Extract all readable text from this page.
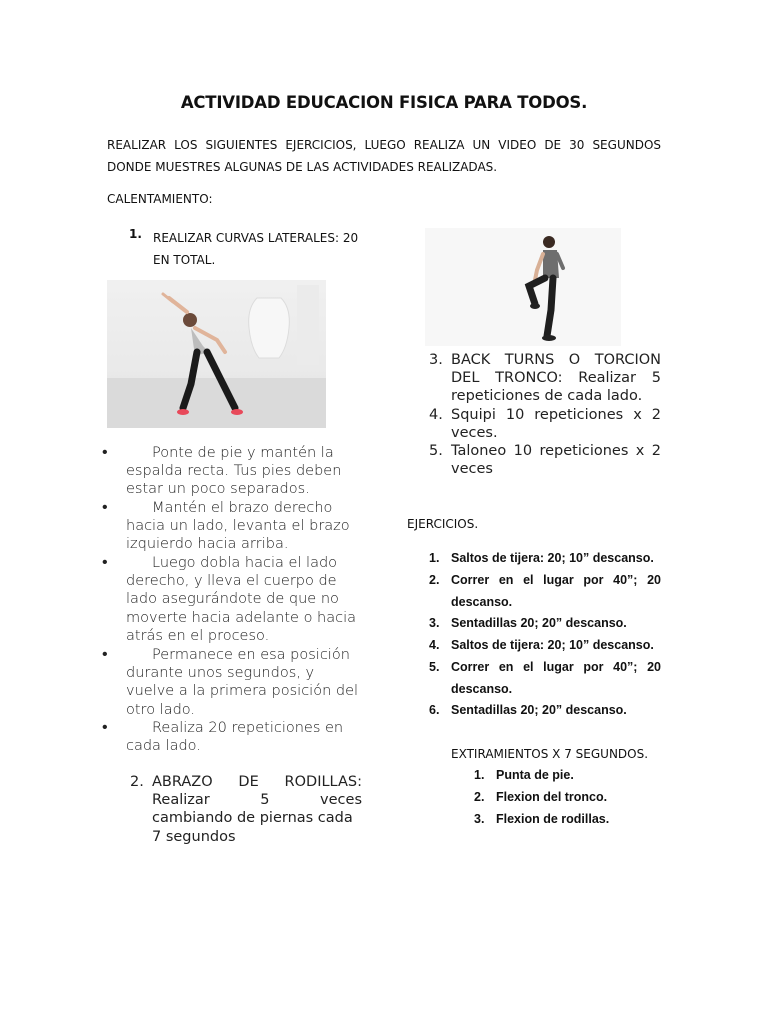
ACTIVIDAD EDUCACION FISICA PARA TODOS.
REALIZAR LOS SIGUIENTES EJERCICIOS, LUEGO REALIZA UN VIDEO DE 30 SEGUNDOS DONDE MUESTRES ALGUNAS DE LAS ACTIVIDADES REALIZADAS.
CALENTAMIENTO:
1. REALIZAR CURVAS LATERALES: 20
EN TOTAL.
•	Ponte de pie y mantén la espalda recta. Tus pies deben estar un poco separados.
•	Mantén el brazo derecho hacia un lado, levanta el brazo izquierdo hacia arriba.
•	Luego dobla hacia el lado derecho, y lleva el cuerpo de lado asegurándote de que no moverte hacia adelante o hacia atrás en el proceso.
•	Permanece en esa posición durante unos segundos, y vuelve a la primera posición del otro lado.
•	Realiza 20 repeticiones en cada lado.
2. ABRAZO DE RODILLAS:
Realizar	5	veces
cambiando de piernas cada
7 segundos
3. BACK TURNS O TORCION DEL TRONCO: Realizar 5 repeticiones de cada lado.
4. Squipi 10 repeticiones x 2 veces.
5. Taloneo 10 repeticiones x 2 veces
EJERCICIOS.
1. Saltos de tijera: 20; 10” descanso.
2. Correr en el lugar por 40”; 20
descanso.
3. Sentadillas 20; 20” descanso.
4. Saltos de tijera: 20; 10” descanso.
5. Correr en el lugar por 40”; 20
descanso.
6. Sentadillas 20; 20” descanso.
EXTIRAMIENTOS X 7 SEGUNDOS.
1. Punta de pie.
2. Flexion del tronco.
3. Flexion de rodillas.
